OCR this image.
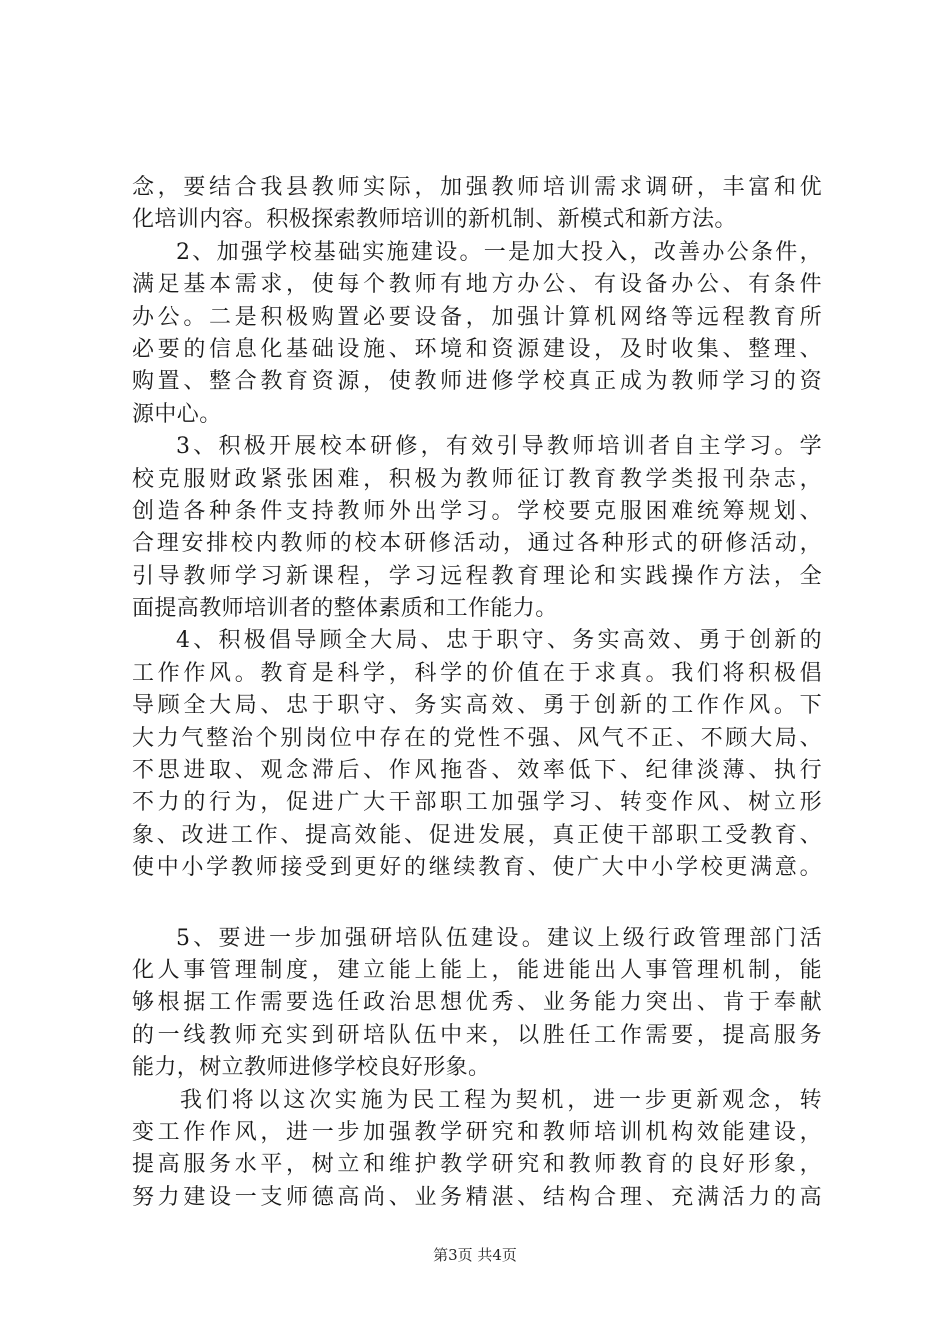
念，要结合我县教师实际，加强教师培训需求调研，丰富和优
化培训内容。积极探索教师培训的新机制、新模式和新方法。
2、加强学校基础实施建设。一是加大投入，改善办公条件，
满足基本需求，使每个教师有地方办公、有设备办公、有条件
办公。二是积极购置必要设备，加强计算机网络等远程教育所
必要的信息化基础设施、环境和资源建设，及时收集、整理、
购置、整合教育资源，使教师进修学校真正成为教师学习的资
源中心。
3、积极开展校本研修，有效引导教师培训者自主学习。学
校克服财政紧张困难，积极为教师征订教育教学类报刊杂志，
创造各种条件支持教师外出学习。学校要克服困难统筹规划、
合理安排校内教师的校本研修活动，通过各种形式的研修活动，
引导教师学习新课程，学习远程教育理论和实践操作方法，全
面提高教师培训者的整体素质和工作能力。
4、积极倡导顾全大局、忠于职守、务实高效、勇于创新的
工作作风。教育是科学，科学的价值在于求真。我们将积极倡
导顾全大局、忠于职守、务实高效、勇于创新的工作作风。下
大力气整治个别岗位中存在的党性不强、风气不正、不顾大局、
不思进取、观念滞后、作风拖沓、效率低下、纪律淡薄、执行
不力的行为，促进广大干部职工加强学习、转变作风、树立形
象、改进工作、提高效能、促进发展，真正使干部职工受教育、
使中小学教师接受到更好的继续教育、使广大中小学校更满意。
5、要进一步加强研培队伍建设。建议上级行政管理部门活
化人事管理制度，建立能上能上，能进能出人事管理机制，能
够根据工作需要选任政治思想优秀、业务能力突出、肯于奉献
的一线教师充实到研培队伍中来，以胜任工作需要，提高服务
能力，树立教师进修学校良好形象。
我们将以这次实施为民工程为契机，进一步更新观念，转
变工作作风，进一步加强教学研究和教师培训机构效能建设，
提高服务水平，树立和维护教学研究和教师教育的良好形象，
努力建设一支师德高尚、业务精湛、结构合理、充满活力的高
第3页 共4页
